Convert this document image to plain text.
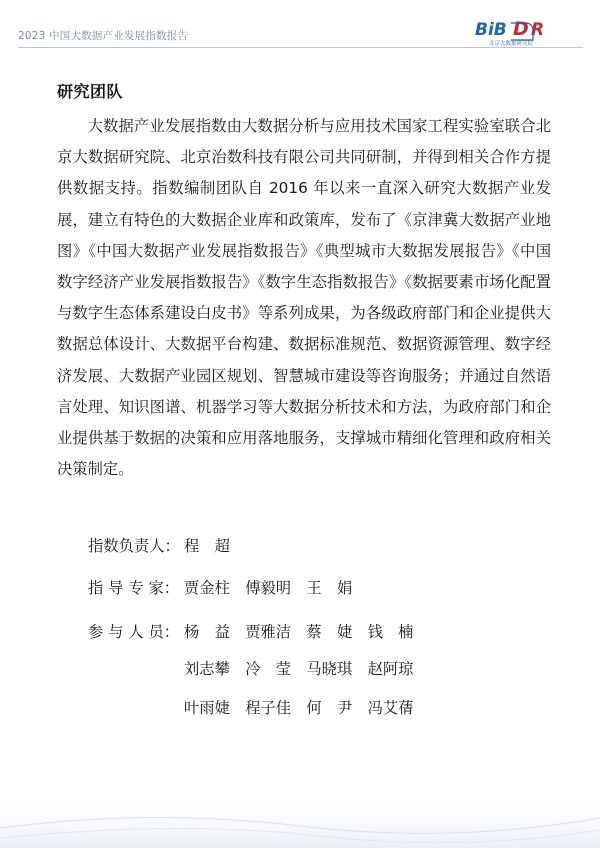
2023 中国大数据产业发展指数报告	BiB D R
北京大数据研究院
研究团队

大数据产业发展指数由大数据分析与应用技术国家工程实验室联合北京大数据研究院、北京治数科技有限公司共同研制，并得到相关合作方提供数据支持。指数编制团队自 2016 年以来一直深入研究大数据产业发展，建立有特色的大数据企业库和政策库，发布了《京津冀大数据产业地图》《中国大数据产业发展指数报告》《典型城市大数据发展报告》《中国数字经济产业发展指数报告》《数字生态指数报告》《数据要素市场化配置与数字生态体系建设白皮书》等系列成果，为各级政府部门和企业提供大数据总体设计、大数据平台构建、数据标准规范、数据资源管理、数字经济发展、大数据产业园区规划、智慧城市建设等咨询服务；并通过自然语言处理、知识图谱、机器学习等大数据分析技术和方法，为政府部门和企业提供基于数据的决策和应用落地服务，支撑城市精细化管理和政府相关决策制定。

指数负责人： 程　超
指 导 专 家： 贾金柱　傅毅明　王　娟
参 与 人 员： 杨　益　贾雅洁　蔡　婕　钱　楠
刘志攀　冷　莹　马晓琪　赵阿琼
叶雨婕　程子佳　何　尹　冯艾蒨
